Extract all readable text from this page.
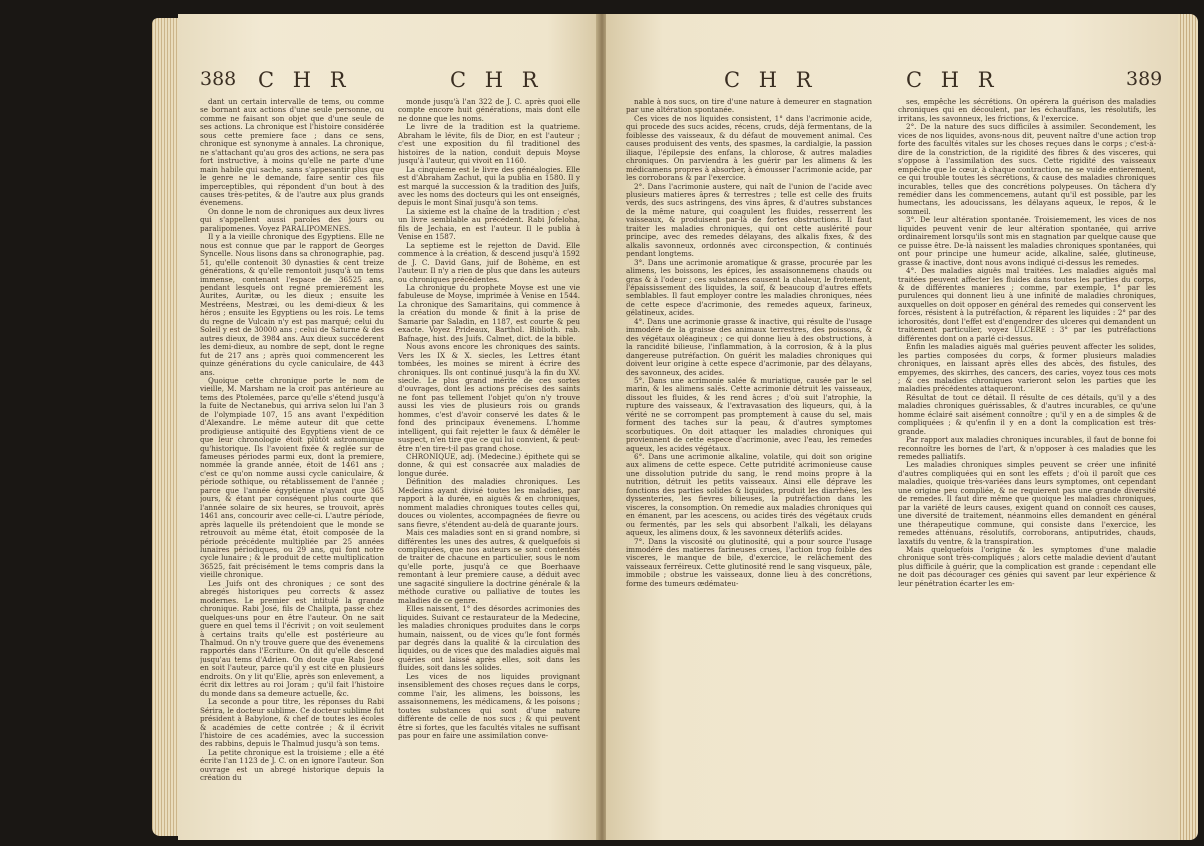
388 C H R	C H R

dant un certain intervalle de tems, ou comme se bornant aux actions d'une seule personne, ou comme ne faisant son objet que d'une seule de ses actions. La chronique est l'histoire considérée sous cette premiere face ; dans ce sens, chronique est synonyme à annales. La chronique, ne s'attachant qu'au gros des actions, ne sera pas fort instructive, à moins qu'elle ne parte d'une main habile qui sache, sans s'appesantir plus que le genre ne le demande, faire sentir ces fils imperceptibles, qui répondent d'un bout à des causes très-petites, & de l'autre aux plus grands évenemens.

On donne le nom de chroniques aux deux livres qui s'appellent aussi paroles des jours ou paralipomenes. Voyez PARALIPOMENES.

Il y a la vieille chronique des Egyptiens. Elle ne nous est connue que par le rapport de Georges Syncelle. Nous lisons dans sa chronographie, pag. 51, qu'elle contenoit 30 dynasties & cent treize générations, & qu'elle remontoit jusqu'à un tems immense, contenant l'espace de 36525 ans, pendant lesquels ont regné premierement les Aurites, Auritæ, ou les dieux ; ensuite les Mestréens, Mestræi, ou les demi-dieux & les héros ; ensuite les Egyptiens ou les rois. Le tems du regne de Vulcain n'y est pas marqué; celui du Soleil y est de 30000 ans ; celui de Saturne & des autres dieux, de 3984 ans. Aux dieux succéderent les demi-dieux, au nombre de sept, dont le regne fut de 217 ans ; après quoi commencerent les quinze générations du cycle caniculaire, de 443 ans.

Quoique cette chronique porte le nom de vieille, M. Marsham ne la croit pas antérieure au tems des Ptolemées, parce qu'elle s'étend jusqu'à la fuite de Nectanebus, qui arriva selon lui l'an 3 de l'olympiade 107, 15 ans avant l'expédition d'Alexandre. Le même auteur dit que cette prodigieuse antiquité des Egyptiens vient de ce que leur chronologie étoit plûtôt astronomique qu'historique. Ils l'avoient fixée & reglée sur de fameuses périodes parmi eux, dont la premiere, nommée la grande année, étoit de 1461 ans ; c'est ce qu'on nomme aussi cycle caniculaire, & période sothique, ou rétablissement de l'année ; parce que l'année égyptienne n'ayant que 365 jours, & étant par conséquent plus courte que l'année solaire de six heures, se trouvoit, après 1461 ans, concourir avec celle-ci. L'autre période, après laquelle ils prétendoient que le monde se retrouvoit au même état, étoit composée de la période précédente multipliée par 25 années lunaires périodiques, ou 29 ans, qui font notre cycle lunaire ; & le produit de cette multiplication 36525, fait précisément le tems compris dans la vieille chronique.

Les Juifs ont des chroniques ; ce sont des abregés historiques peu corrects & assez modernes. Le premier est intitulé la grande chronique. Rabi José, fils de Chalipta, passe chez quelques-uns pour en être l'auteur. On ne sait guere en quel tems il l'écrivit ; on voit seulement à certains traits qu'elle est postérieure au Thalmud. On n'y trouve guere que des évenemens rapportés dans l'Ecriture. On dit qu'elle descend jusqu'au tems d'Adrien. On doute que Rabi José en soit l'auteur, parce qu'il y est cité en plusieurs endroits. On y lit qu'Elie, après son enlevement, a écrit dix lettres au roi Joram ; qu'il fait l'histoire du monde dans sa demeure actuelle, &c.

La seconde a pour titre, les réponses du Rabi Sérira, le docteur sublime. Ce docteur sublime fut président à Babylone, & chef de toutes les écoles & académies de cette contrée ; & il écrivit l'histoire de ces académies, avec la succession des rabbins, depuis le Thalmud jusqu'à son tems.

La petite chronique est la troisieme ; elle a été écrite l'an 1123 de J. C. on en ignore l'auteur. Son ouvrage est un abregé historique depuis la création du

monde jusqu'à l'an 322 de J. C. après quoi elle compte encore huit générations, mais dont elle ne donne que les noms.

Le livre de la tradition est la quatrieme. Abraham le lévite, fils de Dior, en est l'auteur ; c'est une exposition du fil traditionel des histoires de la nation, conduit depuis Moyse jusqu'à l'auteur, qui vivoit en 1160.

La cinquieme est le livre des généalogies. Elle est d'Abraham Zachut, qui la publia en 1580. Il y est marqué la succession & la tradition des Juifs, avec les noms des docteurs qui les ont enseignés, depuis le mont Sinaï jusqu'à son tems.

La sixieme est la chaîne de la tradition ; c'est un livre semblable au précédent. Rabi Jofeloha, fils de Jechaia, en est l'auteur. Il le publia à Venise en 1587.

La septieme est le rejetton de David. Elle commence à la création, & descend jusqu'à 1592 de J. C. David Gans, juif de Bohème, en est l'auteur. Il n'y a rien de plus que dans les auteurs ou chroniques précédentes.

La chronique du prophete Moyse est une vie fabuleuse de Moyse, imprimée à Venise en 1544. La chronique des Samaritains, qui commence à la création du monde & finit à la prise de Samarie par Saladin, en 1187, est courte & peu exacte. Voyez Prideaux, Barthol. Biblioth. rab. Bafnage, hist. des Juifs. Calmet, dict. de la bible.

Nous avons encore les chroniques des saints. Vers les IX & X. siecles, les Lettres étant tombées, les moines se mirent à écrire des chroniques. Ils ont continué jusqu'à la fin du XV. siecle. Le plus grand mérite de ces sortes d'ouvrages, dont les actions précises des saints ne font pas tellement l'objet qu'on n'y trouve aussi les vies de plusieurs rois ou grands hommes, c'est d'avoir conservé les dates & le fond des principaux évenemens. L'homme intelligent, qui fait rejetter le faux & démêler le suspect, n'en tire que ce qui lui convient, & peut-être n'en tire-t-il pas grand chose.

CHRONIQUE, adj. (Medecine.) épithete qui se donne, & qui est consacrée aux maladies de longue durée.

Définition des maladies chroniques. Les Medecins ayant divisé toutes les maladies, par rapport à la durée, en aiguës & en chroniques, nomment maladies chroniques toutes celles qui, douces ou violentes, accompagnées de fievre ou sans fievre, s'étendent au-delà de quarante jours.

Mais ces maladies sont en si grand nombre, si différentes les unes des autres, & quelquefois si compliquées, que nos auteurs se sont contentés de traiter de chacune en particulier, sous le nom qu'elle porte, jusqu'à ce que Boerhaave remontant à leur premiere cause, a déduit avec une sagacité singuliere la doctrine générale & la méthode curative ou palliative de toutes les maladies de ce genre.

Elles naissent, 1° des désordes acrimonies des liquides. Suivant ce restaurateur de la Medecine, les maladies chroniques produites dans le corps humain, naissent, ou de vices qu'le font formés par degrés dans la qualité & la circulation des liquides, ou de vices que des maladies aiguës mal guéries ont laissé après elles, soit dans les fluides, soit dans les solides.

Les vices de nos liquides provignant insensiblement des choses reçues dans le corps, comme l'air, les alimens, les boissons, les assaisonnemens, les médicamens, & les poisons ; toutes substances qui sont d'une nature différente de celle de nos sucs ; & qui peuvent être si fortes, que les facultés vitales ne suffisant pas pour en faire une assimilation conve-

C H R	C H R	389

nable à nos sucs, on tire d'une nature à demeurer en stagnation par une altération spontanée.

Ces vices de nos liquides consistent, 1° dans l'acrimonie acide, qui procede des sucs acides, récens, cruds, déjà fermentans, de la foiblesse des vaisseaux, & du défaut de mouvement animal. Ces causes produisent des vents, des spasmes, la cardialgie, la passion iliaque, l'épilepsie des enfans, la chlorose, & autres maladies chroniques. On parviendra à les guérir par les alimens & les médicamens propres à absorber, à émousser l'acrimonie acide, par les corroborans & par l'exercice.

2°. Dans l'acrimonie austere, qui naît de l'union de l'acide avec plusieurs matieres âpres & terrestres ; telle est celle des fruits verds, des sucs astringens, des vins âpres, & d'autres substances de la même nature, qui coagulent les fluides, resserrent les vaisseaux, & produisent par-là de fortes obstructions. Il faut traiter les maladies chroniques, qui ont cette auslérité pour principe, avec des remedes délayans, des alkalis fixes, & des alkalis savonneux, ordonnés avec circonspection, & continués pendant longtems.

3°. Dans une acrimonie aromatique & grasse, procurée par les alimens, les boissons, les épices, les assaisonnemens chauds ou gras & à l'odeur ; ces substances causent la chaleur, le frotement, l'épaississement des liquides, la soif, & beaucoup d'autres effets semblables. Il faut employer contre les maladies chroniques, nées de cette espece d'acrimonie, des remedes aqueux, farineux, gélatineux, acides.

4°. Dans une acrimonie grasse & inactive, qui résulte de l'usage immodéré de la graisse des animaux terrestres, des poissons, & des végétaux oléagineux ; ce qui donne lieu à des obstructions, à la rancidité bilieuse, l'inflammation, à la corrosion, & à la plus dangereuse putréfaction. On guérit les maladies chroniques qui doivent leur origine à cette espece d'acrimonie, par des délayans, des savonneux, des acides.

5°. Dans une acrimonie salée & muriatique, causée par le sel marin, & les alimens salés. Cette acrimonie détruit les vaisseaux, dissout les fluides, & les rend âcres ; d'où suit l'atrophie, la rupture des vaisseaux, & l'extravasation des liqueurs, qui, à la vérité ne se corrompent pas promptement à cause du sel, mais forment des taches sur la peau, & d'autres symptomes scorbutiques. On doit attaquer les maladies chroniques qui proviennent de cette espece d'acrimonie, avec l'eau, les remedes aqueux, les acides végétaux.

6°. Dans une acrimonie alkaline, volatile, qui doit son origine aux alimens de cette espece. Cette putridité acrimonieuse cause une dissolution putride du sang, le rend moins propre à la nutrition, détruit les petits vaisseaux. Ainsi elle déprave les fonctions des parties solides & liquides, produit les diarrhées, les dyssenteries, les fievres bilieuses, la putréfaction dans les visceres, la consomption. On remedie aux maladies chroniques qui en émanent, par les acescens, ou acides tirés des végétaux cruds ou fermentés, par les sels qui absorbent l'alkali, les délayans aqueux, les alimens doux, & les savonneux déterlifs acides.

7°. Dans la viscosité ou glutinosité, qui a pour source l'usage immodéré des matieres farineuses crues, l'action trop foible des visceres, le manque de bile, d'exercice, le relâchement des vaisseaux ferréireux. Cette glutinosité rend le sang visqueux, pâle, immobile ; obstrue les vaisseaux, donne lieu à des concrétions, forme des tumeurs œdémateu-

ses, empêche les sécrétions. On opérera la guérison des maladies chroniques qui en découlent, par les échauffans, les résolutifs, les irritans, les savonneux, les frictions, & l'exercice.

2°. De la nature des sucs difficiles à assimiler. Secondement, les vices de nos liquides, avons-nous dit, peuvent naître d'une action trop forte des facultés vitales sur les choses reçues dans le corps ; c'est-à-dire de la constriction, de la rigidité des fibres & des visceres, qui s'oppose à l'assimilation des sucs. Cette rigidité des vaisseaux empêche que le cœur, à chaque contraction, ne se vuide entierement, ce qui trouble toutes les sécrétions, & cause des maladies chroniques incurables, telles que des concrétions polypeuses. On tâchera d'y remédier dans les commencemens, autant qu'il est possible, par les humectans, les adoucissans, les délayans aqueux, le repos, & le sommeil.

3°. De leur altération spontanée. Troisiemement, les vices de nos liquides peuvent venir de leur altération spontanée, qui arrive ordinairement lorsqu'ils sont mis en stagnation par quelque cause que ce puisse être. De-là naissent les maladies chroniques spontanées, qui ont pour principe une humeur acide, alkaline, salée, glutineuse, grasse & inactive, dont nous avons indiqué ci-dessus les remedes.

4°. Des maladies aiguës mal traitées. Les maladies aiguës mal traitées peuvent affecter les fluides dans toutes les parties du corps, & de différentes manieres ; comme, par exemple, 1° par les purulences qui donnent lieu à une infinité de maladies chroniques, auxquelles on doit opposer en général des remedes qui conservent les forces, résistent à la putréfaction, & réparent les liquides : 2° par des ichorosités, dont l'effet est d'engendrer des ulceres qui demandent un traitement particulier, voyez ULCERE : 3° par les putréfactions différentes dont on a parlé ci-dessus.

Enfin les maladies aiguës mal guéries peuvent affecter les solides, les parties composées du corps, & former plusieurs maladies chroniques, en laissant après elles des abcès, des fistules, des empyemes, des skirrhes, des cancers, des caries, voyez tous ces mots ; & ces maladies chroniques varieront selon les parties que les maladies précédentes attaqueront.

Résultat de tout ce détail. Il résulte de ces détails, qu'il y a des maladies chroniques guérissables, & d'autres incurables, ce qu'une homme éclairé sait aisément connoître ; qu'il y en a de simples & de compliquées ; & qu'enfin il y en a dont la complication est très-grande.

Par rapport aux maladies chroniques incurables, il faut de bonne foi reconnoître les bornes de l'art, & n'opposer à ces maladies que les remedes palliatifs.

Les maladies chroniques simples peuvent se créer une infinité d'autres compliquées qui en sont les effets ; d'où il paroît que ces maladies, quoique très-variées dans leurs symptomes, ont cependant une origine peu compliée, & ne requierent pas une grande diversité de remedes. Il faut dire même que quoique les maladies chroniques, par la variété de leurs causes, exigent quand on connoît ces causes, une diversité de traitement, néanmoins elles demandent en général une thérapeutique commune, qui consiste dans l'exercice, les remedes atténuans, résolutifs, corroborans, antiputrides, chauds, laxatifs du ventre, & la transpiration.

Mais quelquefois l'origine & les symptomes d'une maladie chronique sont très-compliqués ; alors cette maladie devient d'autant plus difficile à guérir, que la complication est grande : cependant elle ne doit pas décourager ces génies qui savent par leur expérience & leur pénétration écarter les em-
